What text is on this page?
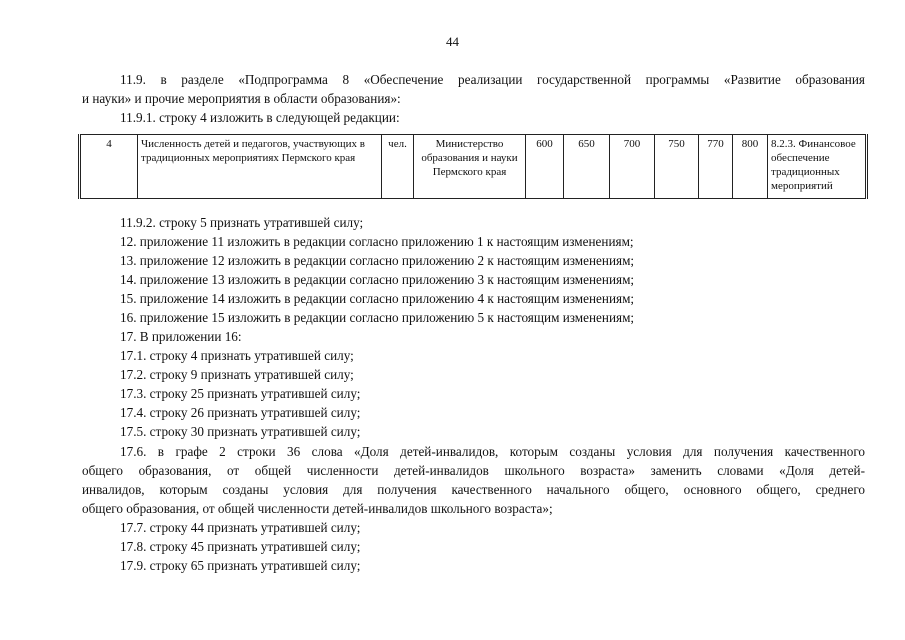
44
11.9. в разделе «Подпрограмма 8 «Обеспечение реализации государственной программы «Развитие образования
и науки» и прочие мероприятия в области образования»:
11.9.1. строку 4 изложить в следующей редакции:
4	Численность детей и педагогов, участвующих в традиционных мероприятиях Пермского края	чел.	Министерство образования и науки Пермского края	600	650	700	750	770	800	8.2.3. Финансовое обеспечение традиционных мероприятий
11.9.2. строку 5 признать утратившей силу;
12. приложение 11 изложить в редакции согласно приложению 1 к настоящим изменениям;
13. приложение 12 изложить в редакции согласно приложению 2 к настоящим изменениям;
14. приложение 13 изложить в редакции согласно приложению 3 к настоящим изменениям;
15. приложение 14 изложить в редакции согласно приложению 4 к настоящим изменениям;
16. приложение 15 изложить в редакции согласно приложению 5 к настоящим изменениям;
17. В приложении 16:
17.1. строку 4 признать утратившей силу;
17.2. строку 9 признать утратившей силу;
17.3. строку 25 признать утратившей силу;
17.4. строку 26 признать утратившей силу;
17.5. строку 30 признать утратившей силу;
17.6. в графе 2 строки 36 слова «Доля детей-инвалидов, которым созданы условия для получения качественного
общего образования, от общей численности детей-инвалидов школьного возраста» заменить словами «Доля детей-
инвалидов, которым созданы условия для получения качественного начального общего, основного общего, среднего
общего образования, от общей численности детей-инвалидов школьного возраста»;
17.7. строку 44 признать утратившей силу;
17.8. строку 45 признать утратившей силу;
17.9. строку 65 признать утратившей силу;
